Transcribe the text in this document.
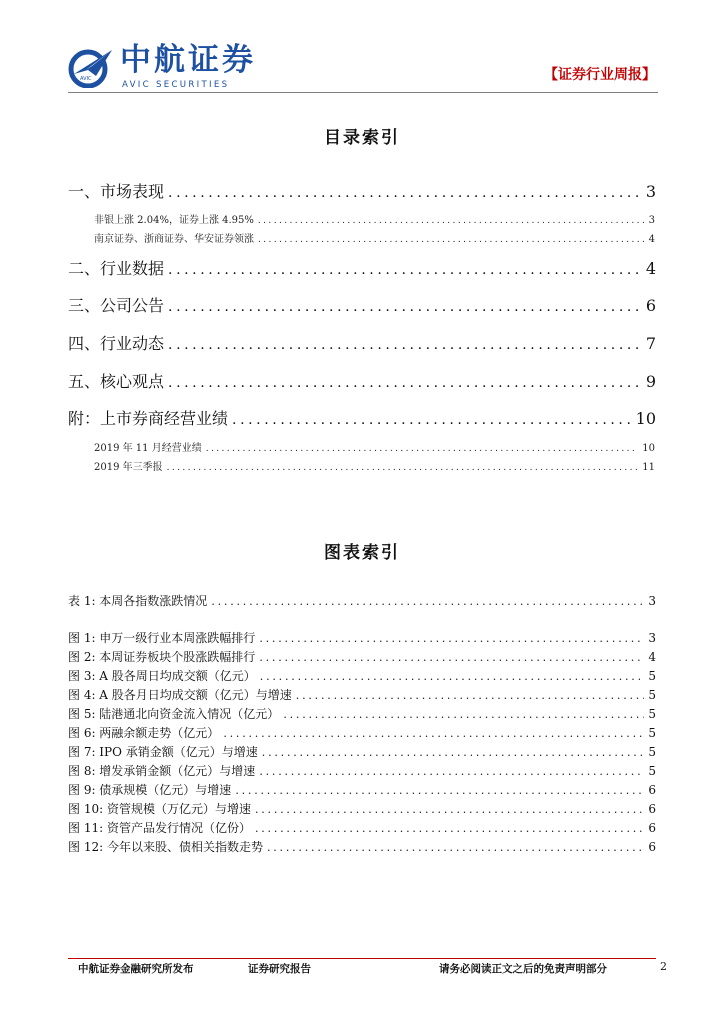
AVIC
中航证券
AVIC SECURITIES
【证券行业周报】
目录索引
一、市场表现 .....	3
非银上涨 2.04%，证券上涨 4.95% .....	3
南京证券、浙商证券、华安证券领涨 .....	4
二、行业数据 .....	4
三、公司公告 .....	6
四、行业动态 .....	7
五、核心观点 .....	9
附：上市券商经营业绩 .....	10
2019 年 11 月经营业绩 .....	10
2019 年三季报 .....	11
图表索引
表 1: 本周各指数涨跌情况 .....	3
图 1: 申万一级行业本周涨跌幅排行 .....	3
图 2: 本周证券板块个股涨跌幅排行 .....	4
图 3: A 股各周日均成交额（亿元） .....	5
图 4: A 股各月日均成交额（亿元）与增速 .....	5
图 5: 陆港通北向资金流入情况（亿元） .....	5
图 6: 两融余额走势（亿元） .....	5
图 7: IPO 承销金额（亿元）与增速 .....	5
图 8: 增发承销金额（亿元）与增速 .....	5
图 9: 债承规模（亿元）与增速 .....	6
图 10: 资管规模（万亿元）与增速 .....	6
图 11: 资管产品发行情况（亿份） .....	6
图 12: 今年以来股、债相关指数走势 .....	6
中航证券金融研究所发布	证券研究报告	请务必阅读正文之后的免责声明部分	2
